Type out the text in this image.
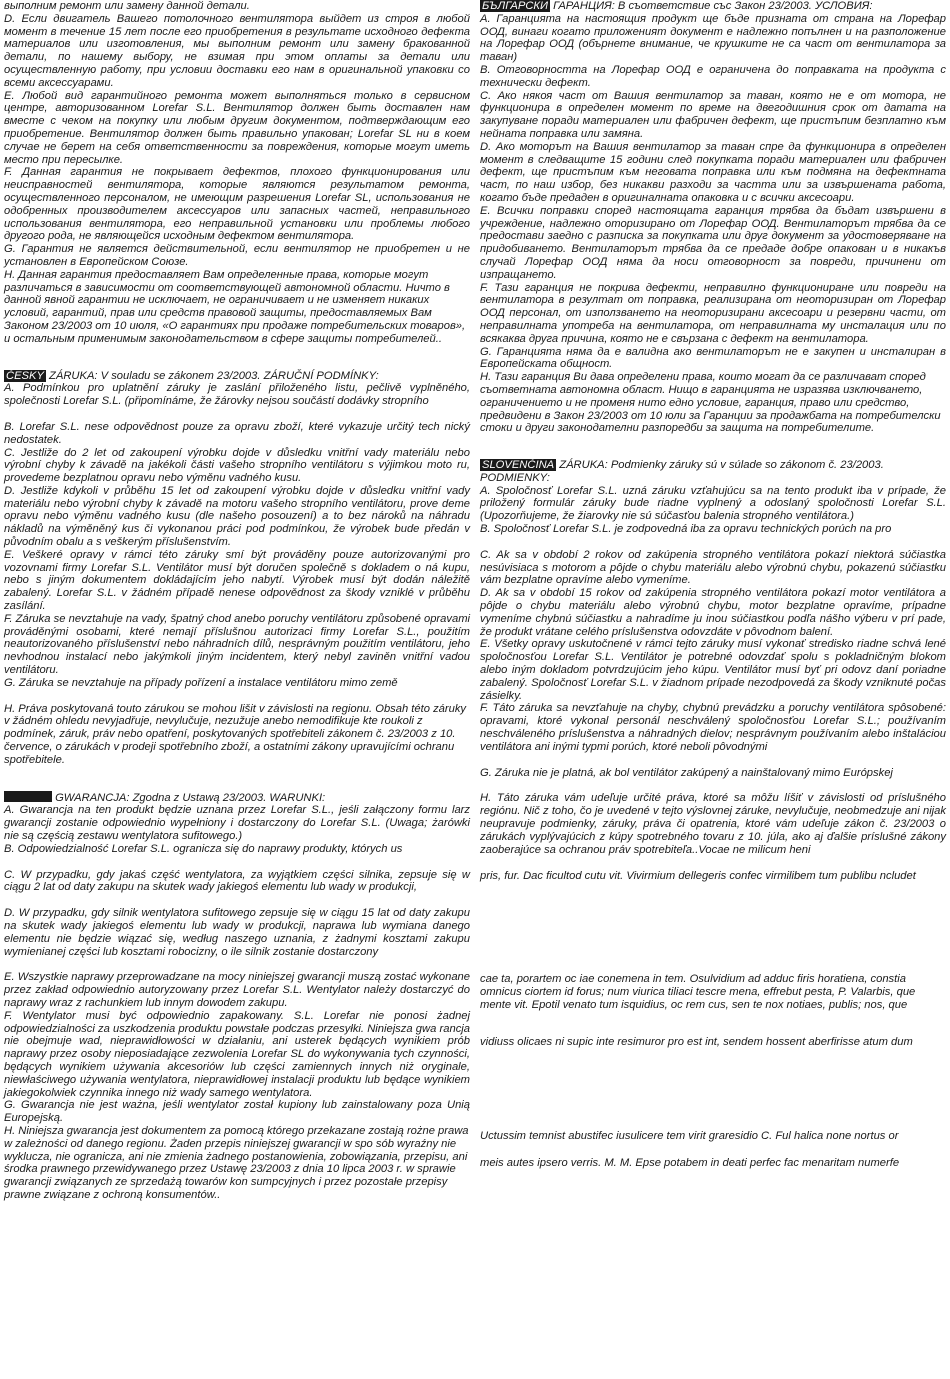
выполним ремонт или замену данной детали.

D. Если двигатель Вашего потолочного вентилятора выйдет из строя в любой момент в течение 15 лет после его приобретения в результате исходного дефекта материалов или изготовления, мы выполним ремонт или замену бракованной детали, по нашему выбору, не взимая при этом оплаты за детали или осуществленную работу, при условии доставки его нам в оригинальной упаковки со всеми аксессуарами.

E. Любой вид гарантийного ремонта может выполняться только в сервисном центре, авторизованном Lorefar S.L. Вентилятор должен быть доставлен нам вместе с чеком на покупку или любым другим документом, подтверждающим его приобретение. Вентилятор должен быть правильно упакован; Lorefar SL ни в коем случае не берет на себя ответственности за повреждения, которые могут иметь место при пересылке.

F. Данная гарантия не покрывает дефектов, плохого функционирования или неисправностей вентилятора, которые являются результатом ремонта, осуществленного персоналом, не имеющим разрешения Lorefar SL, использования не одобренных производителем аксессуаров или запасных частей, неправильного использования вентилятора, его неправильной установки или проблемы любого другого рода, не являющейся исходным дефектом вентилятора.

G. Гарантия не является действительной, если вентилятор не приобретен и не установлен в Европейском Союзе.

H. Данная гарантия предоставляет Вам определенные права, которые могут различаться в зависимости от соответствующей автономной области. Ничто в данной явной гарантии не исключает, не ограничивает и не изменяет никаких условий, гарантий, прав или средств правовой защиты, предоставляемых Вам Законом 23/2003 от 10 июля, «О гарантиях при продаже потребительских товаров», и остальным применимым законодательством в сфере защиты потребителей..

ČESKY ZÁRUKA: V souladu se zákonem 23/2003. ZÁRUČNÍ PODMÍNKY:

A. Podmínkou pro uplatnění záruky je zaslání přiloženého listu, pečlivě vyplněného, společnosti Lorefar S.L. (připomínáme, že žárovky nejsou součástí dodávky stropního

B. Lorefar S.L. nese odpovědnost pouze za opravu zboží, které vykazuje určitý tech nický nedostatek.

C. Jestliže do 2 let od zakoupení výrobku dojde v důsledku vnitřní vady materiálu nebo výrobní chyby k závadě na jakékoli části vašeho stropního ventilátoru s výjimkou moto ru, provedeme bezplatnou opravu nebo výměnu vadného kusu.

D. Jestliže kdykoli v průběhu 15 let od zakoupení výrobku dojde v důsledku vnitřní vady materiálu nebo výrobní chyby k závadě na motoru vašeho stropního ventilátoru, prove deme opravu nebo výměnu vadného kusu (dle našeho posouzení) a to bez nároků na náhradu nákladů na výměněný kus či vykonanou práci pod podmínkou, že výrobek bude předán v původním obalu a s veškerým příslušenstvím.

E. Veškeré opravy v rámci této záruky smí být prováděny pouze autorizovanými pro vozovnami firmy Lorefar S.L. Ventilátor musí být doručen společně s dokladem o ná kupu, nebo s jiným dokumentem dokládajícím jeho nabytí. Výrobek musí být dodán náležitě zabalený. Lorefar S.L. v žádném případě nenese odpovědnost za škody vzniklé v průběhu zasílání.

F. Záruka se nevztahuje na vady, špatný chod anebo poruchy ventilátoru způsobené opravami prováděnými osobami, které nemají příslušnou autorizaci firmy Lorefar S.L., použitím neautorizovaného příslušenství nebo náhradních dílů, nesprávným použitím ventilátoru, jeho nevhodnou instalací nebo jakýmkoli jiným incidentem, který nebyl zaviněn vnitřní vadou ventilátoru.

G. Záruka se nevztahuje na případy pořízení a instalace ventilátoru mimo země

H. Práva poskytovaná touto zárukou se mohou lišit v závislosti na regionu. Obsah této záruky v žádném ohledu nevyjadřuje, nevylučuje, nezužuje anebo nemodifikuje kte roukoli z podmínek, záruk, práv nebo opatření, poskytovaných spotřebiteli zákonem č. 23/2003 z 10. července, o zárukách v prodeji spotřebního zboží, a ostatními zákony upravujícími ochranu spotřebitele.

GWARANCJA: Zgodna z Ustawą 23/2003. WARUNKI:

A. Gwarancja na ten produkt będzie uznana przez Lorefar S.L., jeśli załączony formu larz gwarancji zostanie odpowiednio wypełniony i dostarczony do Lorefar S.L. (Uwaga; żarówki nie są częścią zestawu wentylatora sufitowego.)

B. Odpowiedzialność Lorefar S.L. ogranicza się do naprawy produkty, których us

C. W przypadku, gdy jakaś część wentylatora, za wyjątkiem części silnika, zepsuje się w ciągu 2 lat od daty zakupu na skutek wady jakiegoś elementu lub wady w produkcji,

D. W przypadku, gdy silnik wentylatora sufitowego zepsuje się w ciągu 15 lat od daty zakupu na skutek wady jakiegoś elementu lub wady w produkcji, naprawa lub wymiana danego elementu nie będzie wiązać się, według naszego uznania, z żadnymi kosztami zakupu wymienianej części lub kosztami robocizny, o ile silnik zostanie dostarczony

E. Wszystkie naprawy przeprowadzane na mocy niniejszej gwarancji muszą zostać wykonane przez zakład odpowiednio autoryzowany przez Lorefar S.L. Wentylator należy dostarczyć do naprawy wraz z rachunkiem lub innym dowodem zakupu.

F. Wentylator musi być odpowiednio zapakowany. S.L. Lorefar nie ponosi żadnej odpowiedzialności za uszkodzenia produktu powstałe podczas przesyłki. Niniejsza gwa rancja nie obejmuje wad, nieprawidłowości w działaniu, ani usterek będących wynikiem prób naprawy przez osoby nieposiadające zezwolenia Lorefar SL do wykonywania tych czynności, będących wynikiem używania akcesoriów lub części zamiennych innych niż oryginale, niewłaściwego używania wentylatora, nieprawidłowej instalacji produktu lub będące wynikiem jakiegokolwiek czynnika innego niż wady samego wentylatora.

G. Gwarancja nie jest ważna, jeśli wentylator został kupiony lub zainstalowany poza Unią Europejską.

H. Niniejsza gwarancja jest dokumentem za pomocą którego przekazane zostają rożne prawa w zależności od danego regionu. Żaden przepis niniejszej gwarancji w spo sób wyraźny nie wyklucza, nie ogranicza, ani nie zmienia żadnego postanowienia, zobowiązania, przepisu, ani środka prawnego przewidywanego przez Ustawę 23/2003 z dnia 10 lipca 2003 r. w sprawie gwarancji związanych ze sprzedażą towarów kon sumpcyjnych i przez pozostałe przepisy prawne związane z ochroną konsumentów..

БЪЛГАРСКИ ГАРАНЦИЯ: В съответствие със Закон 23/2003. УСЛОВИЯ:

А. Гаранцията на настоящия продукт ще бъде призната от страна на Лорефар ООД, винаги когато приложеният документ е надлежно попълнен и на разположение на Лорефар ООД (обърнете внимание, че крушките не са част от вентилатора за таван)

В. Отговорността на Лорефар ООД е ограничена до поправката на продукта с технически дефект.

С. Ако някоя част от Вашия вентилатор за таван, която не е от мотора, не функционира в определен момент по време на двегодишния срок от датата на закупуване поради материален или фабричен дефект, ще пристъпим безплатно към нейната поправка или замяна.

D. Ако моторът на Вашия вентилатор за таван спре да функционира в определен момент в следващите 15 години след покупката поради материален или фабричен дефект, ще пристъпим към неговата поправка или към подмяна на дефектната част, по наш избор, без никакви разходи за частта или за извършената работа, когато бъде предаден в оригиналната опаковка и с всички аксесоари.

Е. Всички поправки според настоящата гаранция трябва да бъдат извършени в учреждение, надлежно оторизирано от Лорефар ООД. Вентилаторът трябва да се предостави заедно с разписка за покупката или друг документ за удостоверяване на придобиването. Вентилаторът трябва да се предаде добре опакован и в никакъв случай Лорефар ООД няма да носи отговорност за повреди, причинени от изпращането.

F. Тази гаранция не покрива дефекти, неправилно функциониране или повреди на вентилатора в резултат от поправка, реализирана от неоторизиран от Лорефар ООД персонал, от използването на неоторизирани аксесоари и резервни части, от неправилната употреба на вентилатора, от неправилната му инсталация или по всякаква друга причина, която не е свързана с дефект на вентилатора.

G. Гаранцията няма да е валидна ако вентилаторът не е закупен и инсталиран в Европейската общност.

Н. Тази гаранция Ви дава определени права, които могат да се различават според съответната автономна област. Нищо в гаранцията не изразява изключването, ограничението и не променя нито едно условие, гаранция, право или средство, предвидени в Закон 23/2003 от 10 юли за Гаранции за продажбата на потребителски стоки и други законодателни разпоредби за защита на потребителите.

SLOVENČINA ZÁRUKA: Podmienky záruky sú v súlade so zákonom č. 23/2003. PODMIENKY:

A. Spoločnosť Lorefar S.L. uzná záruku vzťahujúcu sa na tento produkt iba v prípade, že priložený formulár záruky bude riadne vyplnený a odoslaný spoločnosti Lorefar S.L. (Upozorňujeme, že žiarovky nie sú súčasťou balenia stropného ventilátora.)

B. Spoločnosť Lorefar S.L. je zodpovedná iba za opravu technických porúch na pro

C. Ak sa v období 2 rokov od zakúpenia stropného ventilátora pokazí niektorá súčiastka nesúvisiaca s motorom a pôjde o chybu materiálu alebo výrobnú chybu, pokazenú súčiastku vám bezplatne opravíme alebo vymeníme.

D. Ak sa v období 15 rokov od zakúpenia stropného ventilátora pokazí motor ventilátora a pôjde o chybu materiálu alebo výrobnú chybu, motor bezplatne opravíme, prípadne vymeníme chybnú súčiastku a nahradíme ju inou súčiastkou podľa nášho výberu v prí pade, že produkt vrátane celého príslušenstva odovzdáte v pôvodnom balení.

E. Všetky opravy uskutočnené v rámci tejto záruky musí vykonať stredisko riadne schvá lené spoločnosťou Lorefar S.L. Ventilátor je potrebné odovzdať spolu s pokladničným blokom alebo iným dokladom potvrdzujúcim jeho kúpu. Ventilátor musí byť pri odovz daní poriadne zabalený. Spoločnosť Lorefar S.L. v žiadnom prípade nezodpovedá za škody vzniknuté počas zásielky.

F. Táto záruka sa nevzťahuje na chyby, chybnú prevádzku a poruchy ventilátora spôsobené: opravami, ktoré vykonal personál neschválený spoločnosťou Lorefar S.L.; používaním neschváleného príslušenstva a náhradných dielov; nesprávnym používaním alebo inštaláciou ventilátora ani inými typmi porúch, ktoré neboli pôvodnými

G. Záruka nie je platná, ak bol ventilátor zakúpený a nainštalovaný mimo Európskej

H. Táto záruka vám udeľuje určité práva, ktoré sa môžu líšiť v závislosti od príslušného regiónu. Nič z toho, čo je uvedené v tejto výslovnej záruke, nevylučuje, neobmedzuje ani nijak neupravuje podmienky, záruky, práva či opatrenia, ktoré vám udeľuje zákon č. 23/2003 o zárukách vyplývajúcich z kúpy spotrebného tovaru z 10. júla, ako aj ďalšie príslušné zákony zaoberajúce sa ochranou práv spotrebiteľa..Vocae ne milicum heni

pris, fur. Dac ficultod cutu vit. Vivirmium dellegeris confec virmilibem tum publibu ncludet

cae ta, porartem oc iae conemena in tem. Osulvidium ad adduc firis horatiena, constia omnicus ciortem id forus; num viurica tiliaci tescre mena, effrebut pesta, P. Valarbis, que mente vit. Epotil venato tum isquidius, oc rem cus, sen te nox notiaes, publis; nos, que

vidiuss olicaes ni supic inte resimuror pro est int, sendem hossent aberfirisse atum dum

Uctussim temnist abustifec iusulicere tem virit graresidio C. Ful halica none nortus or

meis autes ipsero verris. M. M. Epse potabem in deati perfec fac menaritam numerfe
